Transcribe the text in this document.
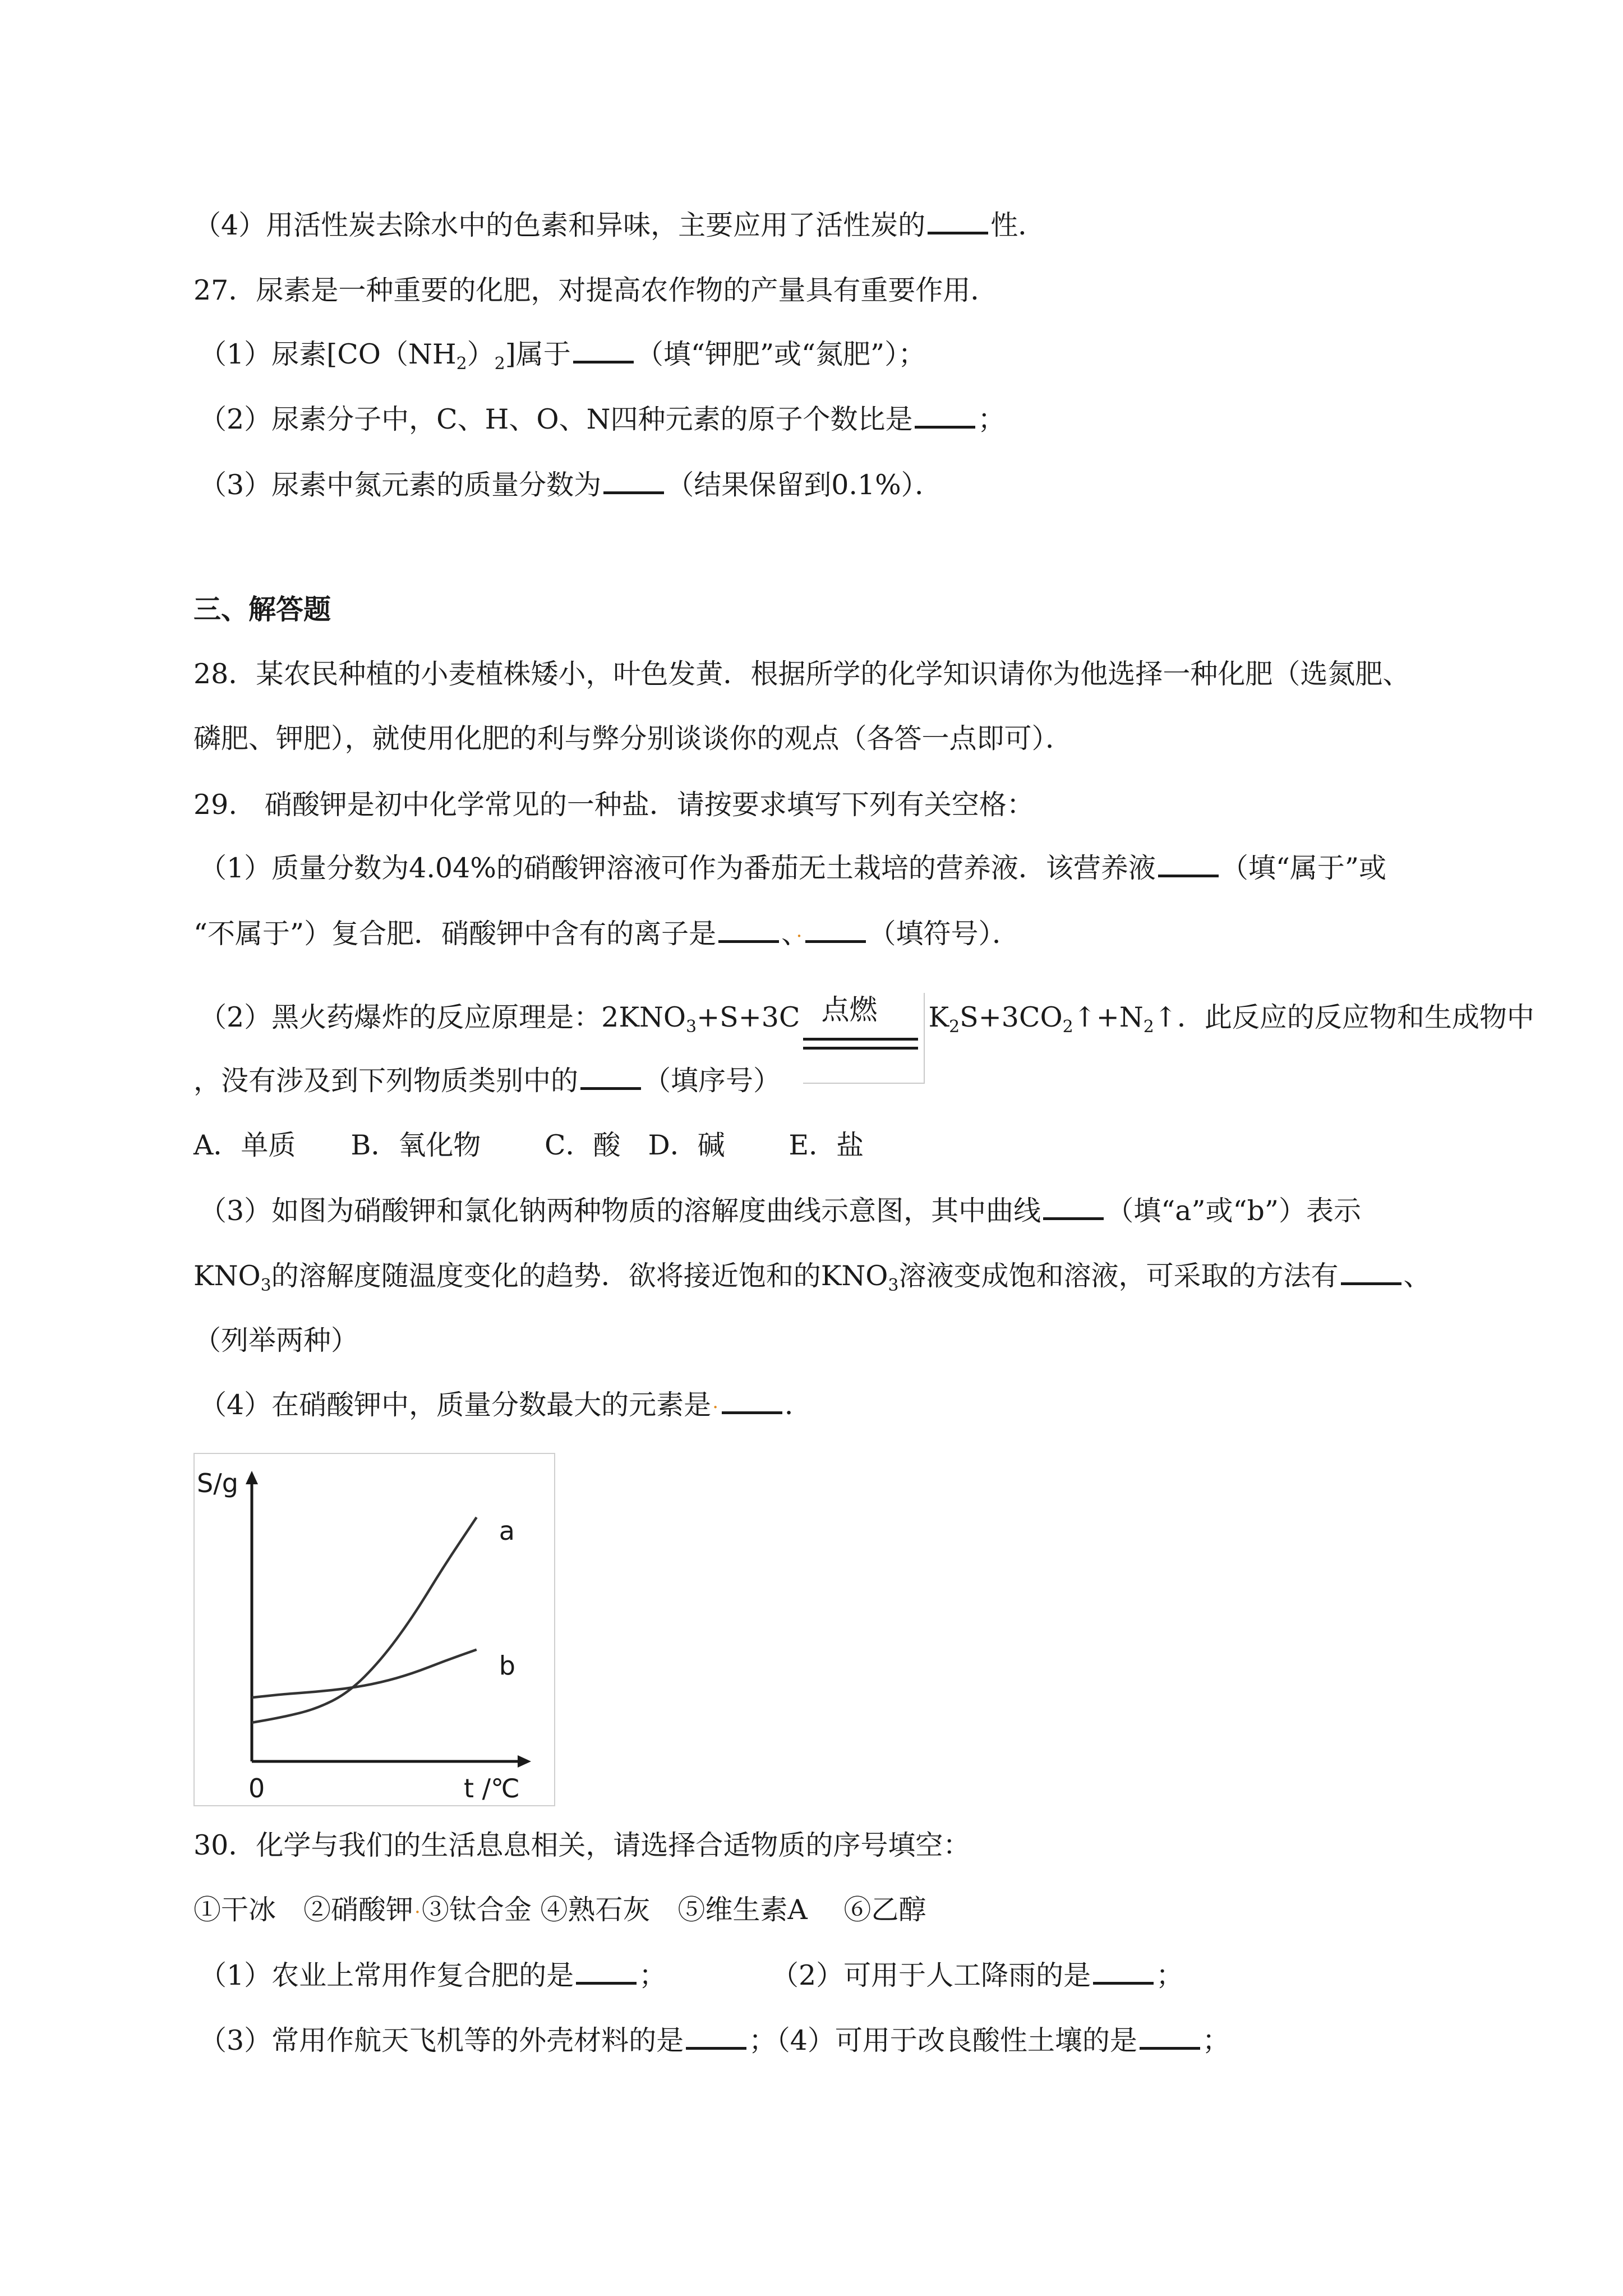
（4）用活性炭去除水中的色素和异味，主要应用了活性炭的 性．
27．尿素是一种重要的化肥，对提高农作物的产量具有重要作用．
（1）尿素$[CO(NH_2)_2]$属于 （填“钾肥”或“氮肥”）；
（2）尿素分子中，C、H、O、N四种元素的原子个数比是 ；
（3）尿素中氮元素的质量分数为 （结果保留到0.1%）．
三、解答题
28．某农民种植的小麦植株矮小，叶色发黄．根据所学的化学知识请你为他选择一种化肥（选氮肥、
磷肥、钾肥），就使用化肥的利与弊分别谈谈你的观点（各答一点即可）．
29.　硝酸钾是初中化学常见的一种盐．请按要求填写下列有关空格：
（1）质量分数为4.04%的硝酸钾溶液可作为番茄无土栽培的营养液．该营养液 （填“属于”或
“不属于”）复合肥．硝酸钾中含有的离子是 、· （填符号）．
（2）黑火药爆炸的反应原理是：$2KNO_3+S+3C$ 点燃 $K_2S+3CO_2↑+N_2↑$．此反应的反应物和生成物中
，没有涉及到下列物质类别中的 （填序号）
A．单质　　B．氧化物　　 C．酸　D．碱　　 E．盐
（3）如图为硝酸钾和氯化钠两种物质的溶解度曲线示意图，其中曲线 （填“a”或“b”）表示
$KNO_3$的溶解度随温度变化的趋势．欲将接近饱和的$KNO_3$溶液变成饱和溶液，可采取的方法有 、
（列举两种）
（4）在硝酸钾中，质量分数最大的元素是· ．
a
b
S/g
t /℃
0
30．化学与我们的生活息息相关，请选择合适物质的序号填空：
①干冰　②硝酸钾·③钛合金 ④熟石灰　⑤维生素A　 ⑥乙醇
（1）农业上常用作复合肥的是 ；	（2）可用于人工降雨的是 ；
（3）常用作航天飞机等的外壳材料的是 ；（4）可用于改良酸性土壤的是 ；
